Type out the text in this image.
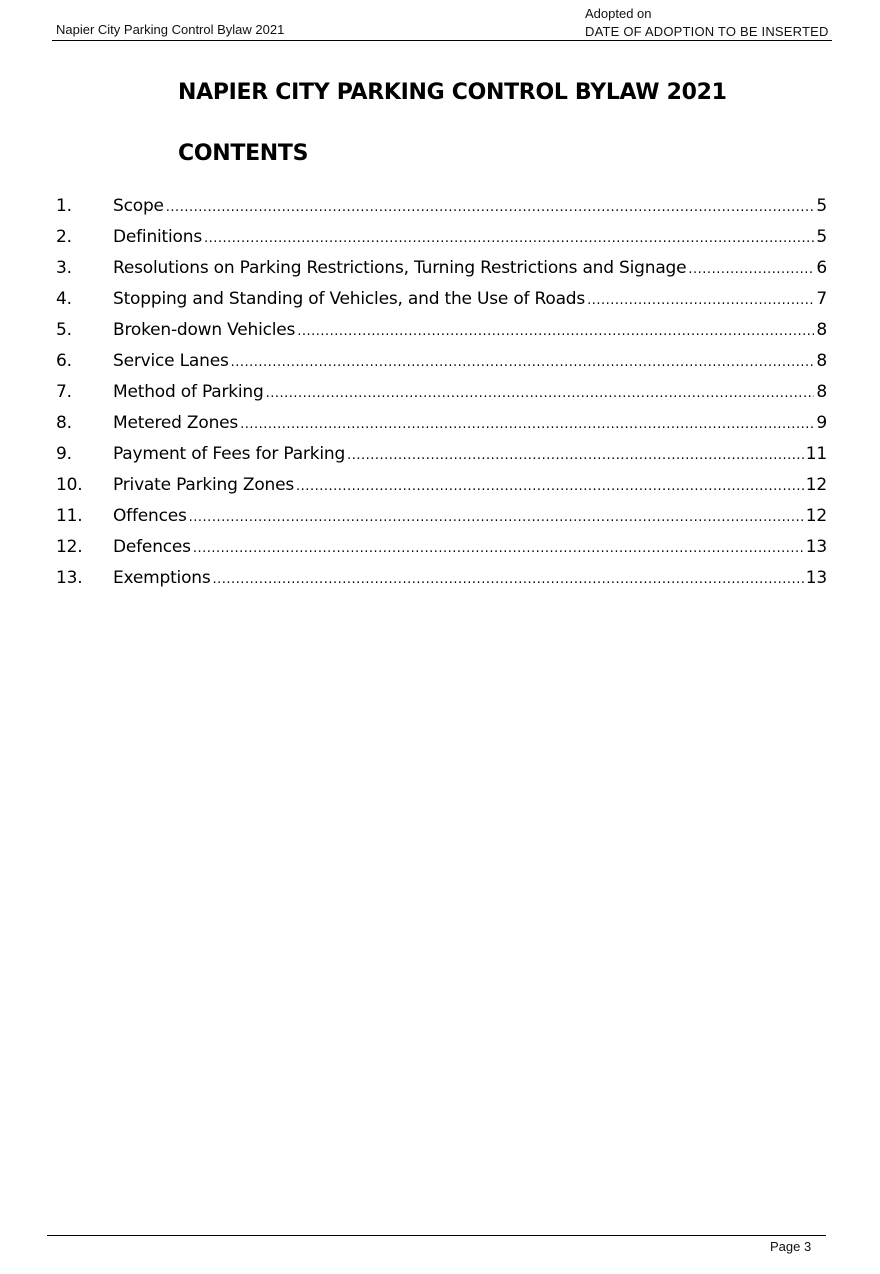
Napier City Parking Control Bylaw 2021
Adopted on
DATE OF ADOPTION TO BE INSERTED
NAPIER CITY PARKING CONTROL BYLAW 2021
CONTENTS
1.	Scope .....	5
2.	Definitions .....	5
3.	Resolutions on Parking Restrictions, Turning Restrictions and Signage .....	6
4.	Stopping and Standing of Vehicles, and the Use of Roads .....	7
5.	Broken-down Vehicles .....	8
6.	Service Lanes .....	8
7.	Method of Parking .....	8
8.	Metered Zones .....	9
9.	Payment of Fees for Parking .....	11
10.	Private Parking Zones .....	12
11.	Offences .....	12
12.	Defences .....	13
13.	Exemptions .....	13
Page 3
